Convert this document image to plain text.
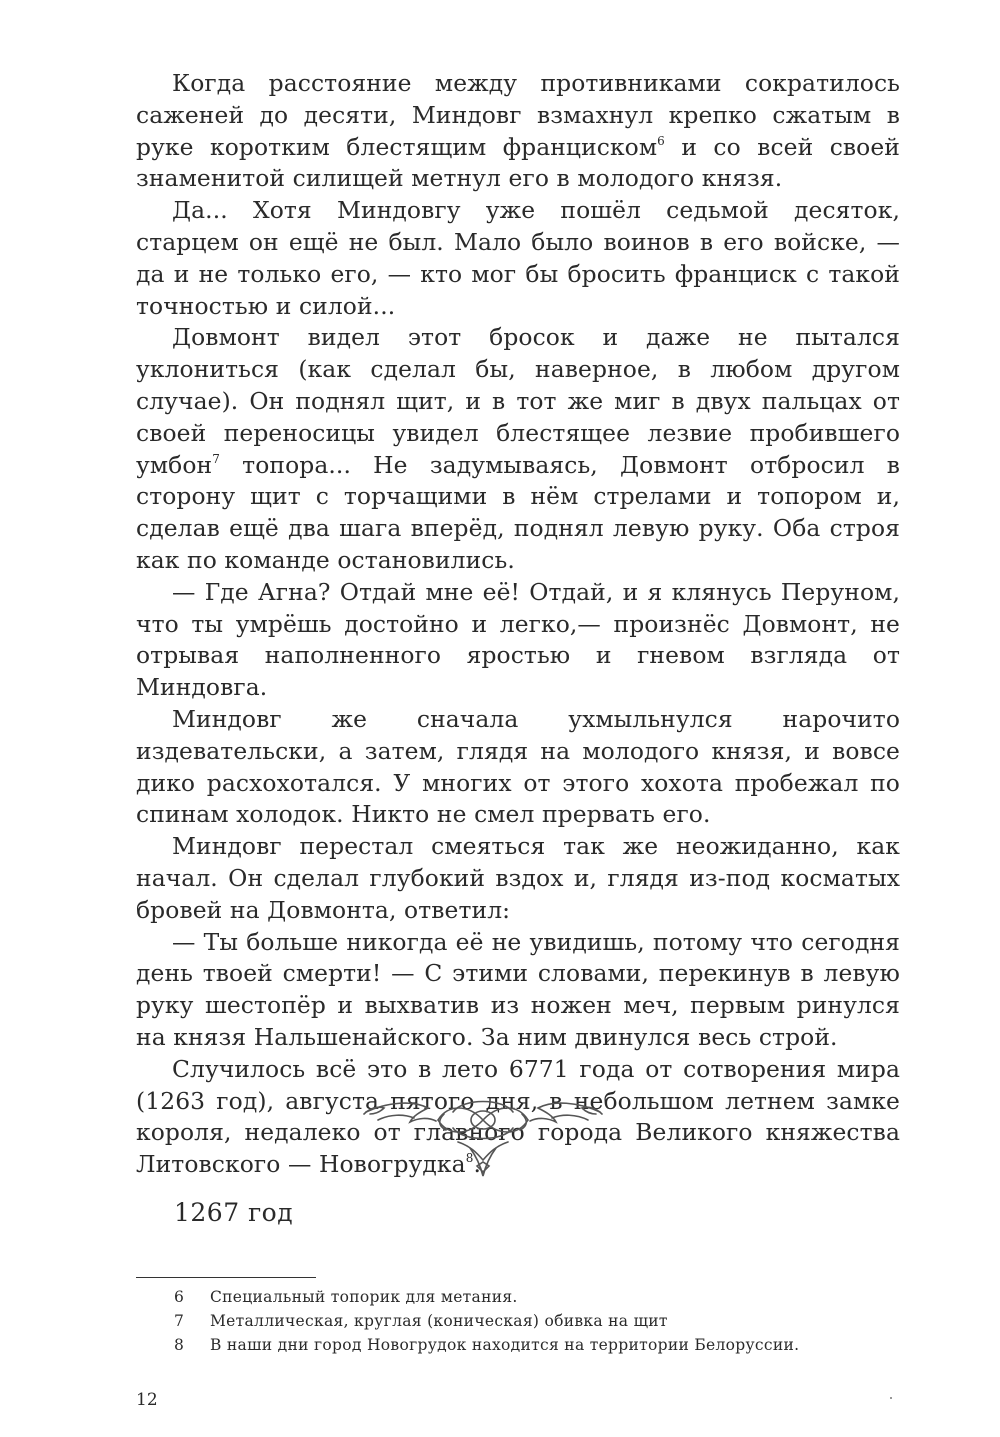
Когда расстояние между противниками сократилось саженей до десяти, Миндовг взмахнул крепко сжатым в руке коротким блестящим франциском$^6$ и со всей своей знаменитой силищей метнул его в молодого князя.

Да... Хотя Миндовгу уже пошёл седьмой десяток, старцем он ещё не был. Мало было воинов в его войске, — да и не только его, — кто мог бы бросить франциск с такой точностью и силой...

Довмонт видел этот бросок и даже не пытался уклониться (как сделал бы, наверное, в любом другом случае). Он поднял щит, и в тот же миг в двух пальцах от своей переносицы увидел блестящее лезвие пробившего умбон$^7$ топора... Не задумываясь, Довмонт отбросил в сторону щит с торчащими в нём стрелами и топором и, сделав ещё два шага вперёд, поднял левую руку. Оба строя как по команде остановились.

— Где Агна? Отдай мне её! Отдай, и я клянусь Перуном, что ты умрёшь достойно и легко,— произнёс Довмонт, не отрывая наполненного яростью и гневом взгляда от Миндовга.

Миндовг же сначала ухмыльнулся нарочито издевательски, а затем, глядя на молодого князя, и вовсе дико расхохотался. У многих от этого хохота пробежал по спинам холодок. Никто не смел прервать его.

Миндовг перестал смеяться так же неожиданно, как начал. Он сделал глубокий вздох и, глядя из-под косматых бровей на Довмонта, ответил:

— Ты больше никогда её не увидишь, потому что сегодня день твоей смерти! — С этими словами, перекинув в левую руку шестопёр и выхватив из ножен меч, первым ринулся на князя Нальшенайского. За ним двинулся весь строй.

Случилось всё это в лето 6771 года от сотворения мира (1263 год), августа пятого дня, в небольшом летнем замке короля, недалеко от главного города Великого княжества Литовского — Новогрудка$^8$.

1267 год
6	Специальный топорик для метания.
7	Металлическая, круглая (коническая) обивка на щит
8	В наши дни город Новогрудок находится на территории Белоруссии.
12
